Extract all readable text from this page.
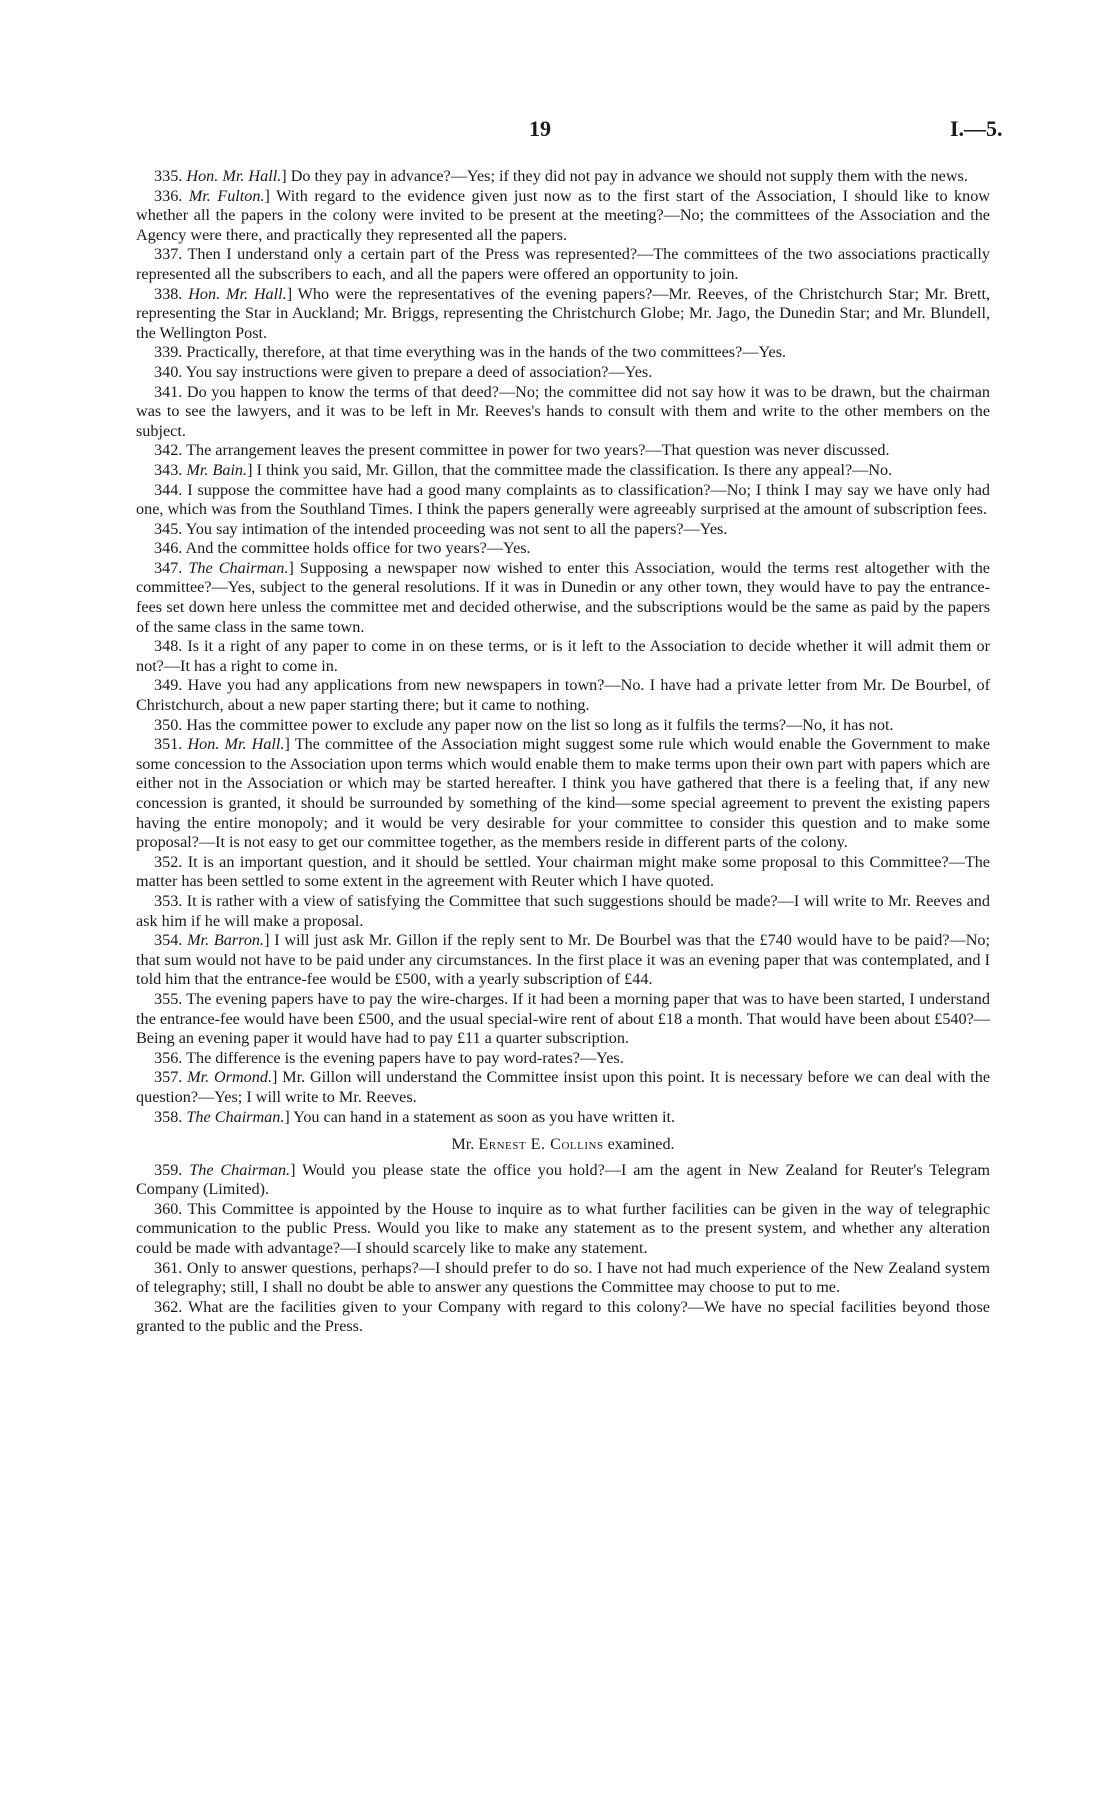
19	I.—5.

335. Hon. Mr. Hall.] Do they pay in advance?—Yes; if they did not pay in advance we should not supply them with the news.

336. Mr. Fulton.] With regard to the evidence given just now as to the first start of the Association, I should like to know whether all the papers in the colony were invited to be present at the meeting?—No; the committees of the Association and the Agency were there, and practically they represented all the papers.

337. Then I understand only a certain part of the Press was represented?—The committees of the two associations practically represented all the subscribers to each, and all the papers were offered an opportunity to join.

338. Hon. Mr. Hall.] Who were the representatives of the evening papers?—Mr. Reeves, of the Christchurch Star; Mr. Brett, representing the Star in Auckland; Mr. Briggs, representing the Christchurch Globe; Mr. Jago, the Dunedin Star; and Mr. Blundell, the Wellington Post.

339. Practically, therefore, at that time everything was in the hands of the two committees?—Yes.

340. You say instructions were given to prepare a deed of association?—Yes.

341. Do you happen to know the terms of that deed?—No; the committee did not say how it was to be drawn, but the chairman was to see the lawyers, and it was to be left in Mr. Reeves's hands to consult with them and write to the other members on the subject.

342. The arrangement leaves the present committee in power for two years?—That question was never discussed.

343. Mr. Bain.] I think you said, Mr. Gillon, that the committee made the classification. Is there any appeal?—No.

344. I suppose the committee have had a good many complaints as to classification?—No; I think I may say we have only had one, which was from the Southland Times. I think the papers generally were agreeably surprised at the amount of subscription fees.

345. You say intimation of the intended proceeding was not sent to all the papers?—Yes.

346. And the committee holds office for two years?—Yes.

347. The Chairman.] Supposing a newspaper now wished to enter this Association, would the terms rest altogether with the committee?—Yes, subject to the general resolutions. If it was in Dunedin or any other town, they would have to pay the entrance-fees set down here unless the committee met and decided otherwise, and the subscriptions would be the same as paid by the papers of the same class in the same town.

348. Is it a right of any paper to come in on these terms, or is it left to the Association to decide whether it will admit them or not?—It has a right to come in.

349. Have you had any applications from new newspapers in town?—No. I have had a private letter from Mr. De Bourbel, of Christchurch, about a new paper starting there; but it came to nothing.

350. Has the committee power to exclude any paper now on the list so long as it fulfils the terms?—No, it has not.

351. Hon. Mr. Hall.] The committee of the Association might suggest some rule which would enable the Government to make some concession to the Association upon terms which would enable them to make terms upon their own part with papers which are either not in the Association or which may be started hereafter. I think you have gathered that there is a feeling that, if any new concession is granted, it should be surrounded by something of the kind—some special agreement to prevent the existing papers having the entire monopoly; and it would be very desirable for your committee to consider this question and to make some proposal?—It is not easy to get our committee together, as the members reside in different parts of the colony.

352. It is an important question, and it should be settled. Your chairman might make some proposal to this Committee?—The matter has been settled to some extent in the agreement with Reuter which I have quoted.

353. It is rather with a view of satisfying the Committee that such suggestions should be made?—I will write to Mr. Reeves and ask him if he will make a proposal.

354. Mr. Barron.] I will just ask Mr. Gillon if the reply sent to Mr. De Bourbel was that the £740 would have to be paid?—No; that sum would not have to be paid under any circumstances. In the first place it was an evening paper that was contemplated, and I told him that the entrance-fee would be £500, with a yearly subscription of £44.

355. The evening papers have to pay the wire-charges. If it had been a morning paper that was to have been started, I understand the entrance-fee would have been £500, and the usual special-wire rent of about £18 a month. That would have been about £540?—Being an evening paper it would have had to pay £11 a quarter subscription.

356. The difference is the evening papers have to pay word-rates?—Yes.

357. Mr. Ormond.] Mr. Gillon will understand the Committee insist upon this point. It is necessary before we can deal with the question?—Yes; I will write to Mr. Reeves.

358. The Chairman.] You can hand in a statement as soon as you have written it.

Mr. Ernest E. Collins examined.

359. The Chairman.] Would you please state the office you hold?—I am the agent in New Zealand for Reuter's Telegram Company (Limited).

360. This Committee is appointed by the House to inquire as to what further facilities can be given in the way of telegraphic communication to the public Press. Would you like to make any statement as to the present system, and whether any alteration could be made with advantage?—I should scarcely like to make any statement.

361. Only to answer questions, perhaps?—I should prefer to do so. I have not had much experience of the New Zealand system of telegraphy; still, I shall no doubt be able to answer any questions the Committee may choose to put to me.

362. What are the facilities given to your Company with regard to this colony?—We have no special facilities beyond those granted to the public and the Press.
